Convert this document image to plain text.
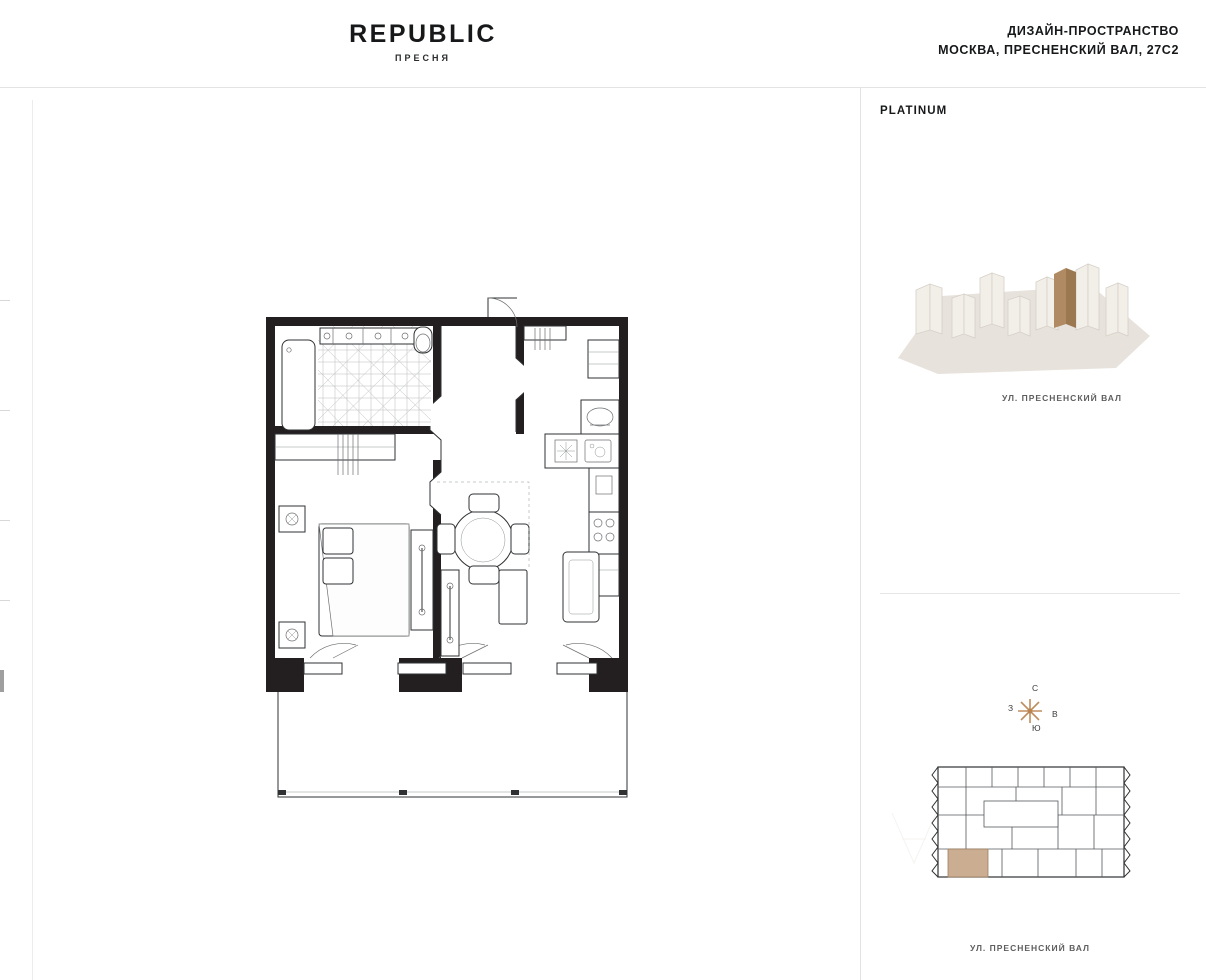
REPUBLIC
ПРЕСНЯ
ДИЗАЙН-ПРОСТРАНСТВО
МОСКВА, ПРЕСНЕНСКИЙ ВАЛ, 27С2
PLATINUM
УЛ. ПРЕСНЕНСКИЙ ВАЛ
С
Ю
З
В
УЛ. ПРЕСНЕНСКИЙ ВАЛ
